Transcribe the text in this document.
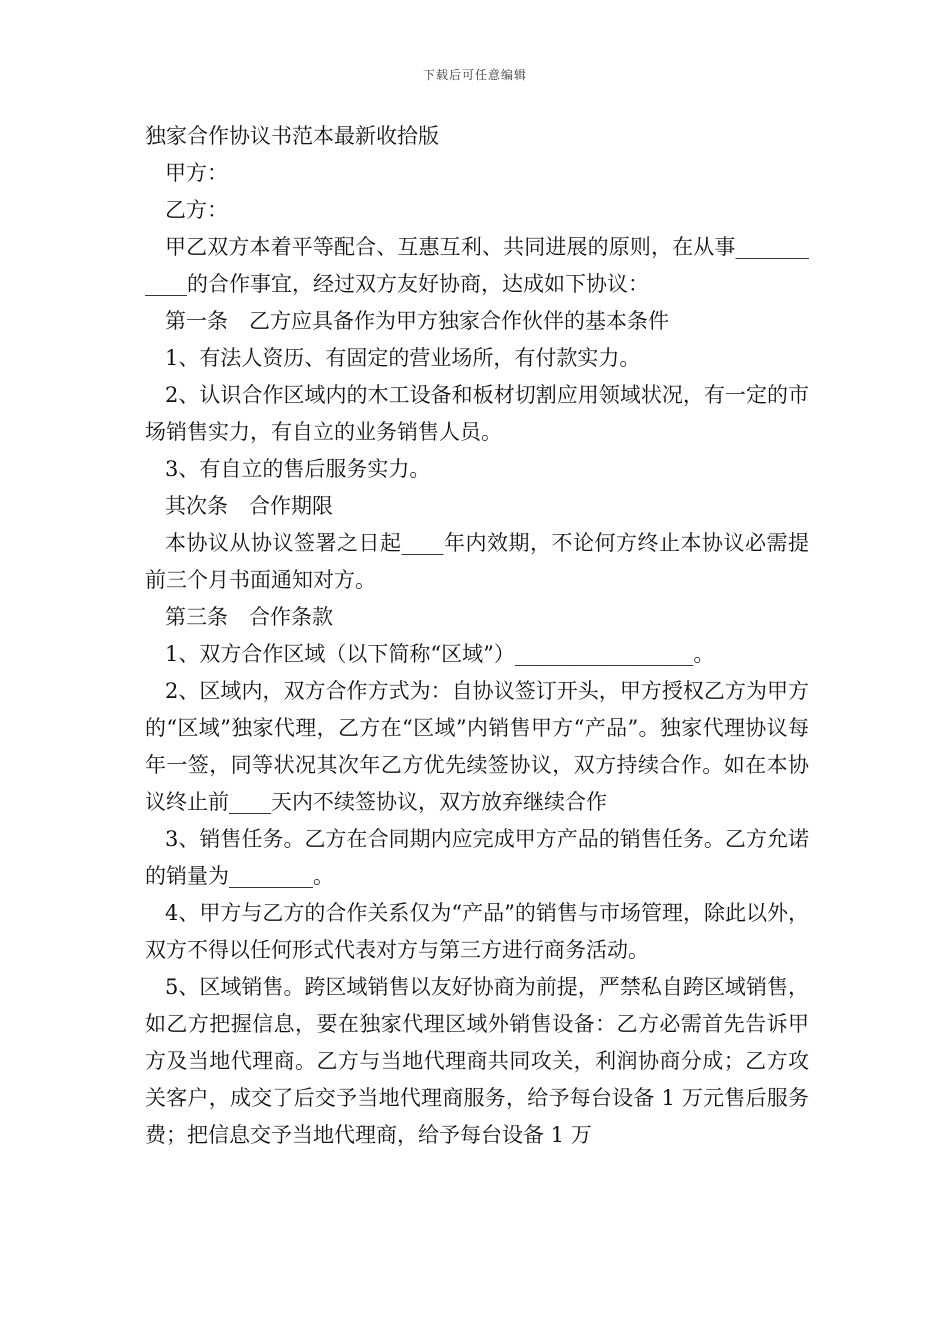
下载后可任意编辑
独家合作协议书范本最新收拾版

甲方：

乙方：

甲乙双方本着平等配合、互惠互利、共同进展的原则，在从事___________的合作事宜，经过双方友好协商，达成如下协议：

第一条　乙方应具备作为甲方独家合作伙伴的基本条件

1、有法人资历、有固定的营业场所，有付款实力。

2、认识合作区域内的木工设备和板材切割应用领域状况，有一定的市场销售实力，有自立的业务销售人员。

3、有自立的售后服务实力。

其次条　合作期限

本协议从协议签署之日起____年内效期，不论何方终止本协议必需提前三个月书面通知对方。

第三条　合作条款

1、双方合作区域（以下简称“区域”）_________________。

2、区域内，双方合作方式为：自协议签订开头，甲方授权乙方为甲方的“区域”独家代理，乙方在“区域”内销售甲方“产品”。独家代理协议每年一签，同等状况其次年乙方优先续签协议，双方持续合作。如在本协议终止前____天内不续签协议，双方放弃继续合作

3、销售任务。乙方在合同期内应完成甲方产品的销售任务。乙方允诺的销量为________。

4、甲方与乙方的合作关系仅为“产品”的销售与市场管理，除此以外，双方不得以任何形式代表对方与第三方进行商务活动。

5、区域销售。跨区域销售以友好协商为前提，严禁私自跨区域销售，如乙方把握信息，要在独家代理区域外销售设备：乙方必需首先告诉甲方及当地代理商。乙方与当地代理商共同攻关，利润协商分成；乙方攻关客户，成交了后交予当地代理商服务，给予每台设备 1 万元售后服务费；把信息交予当地代理商，给予每台设备 1 万
